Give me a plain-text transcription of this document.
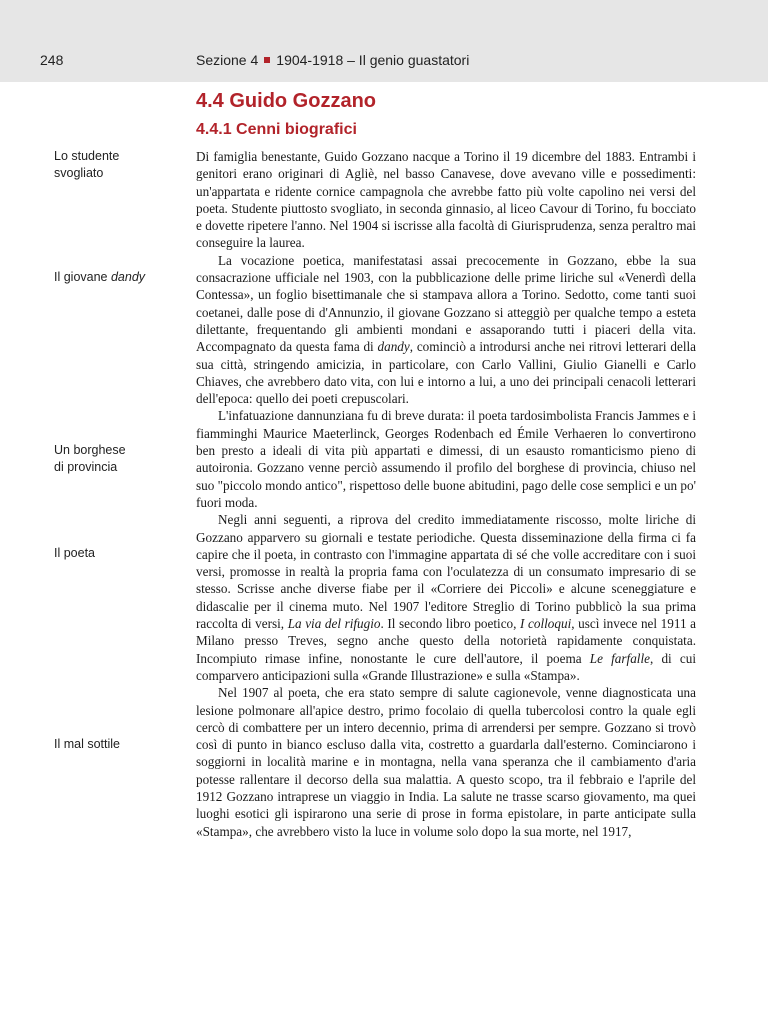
248	Sezione 4 1904-1918 – Il genio guastatori
4.4 Guido Gozzano
4.4.1 Cenni biografici
Lo studente
svogliato
Il giovane dandy
Un borghese
di provincia
Il poeta
Il mal sottile

Di famiglia benestante, Guido Gozzano nacque a Torino il 19 dicembre del 1883. Entrambi i genitori erano originari di Agliè, nel basso Canavese, dove avevano ville e possedimenti: un'appartata e ridente cornice campagnola che avrebbe fatto più volte capolino nei versi del poeta. Studente piuttosto svogliato, in seconda ginnasio, al liceo Cavour di Torino, fu bocciato e dovette ripetere l'anno. Nel 1904 si iscrisse alla facoltà di Giurisprudenza, senza peraltro mai conseguire la laurea.

La vocazione poetica, manifestatasi assai precocemente in Gozzano, ebbe la sua consacrazione ufficiale nel 1903, con la pubblicazione delle prime liriche sul «Venerdì della Contessa», un foglio bisettimanale che si stampava allora a Torino. Sedotto, come tanti suoi coetanei, dalle pose di d'Annunzio, il giovane Gozzano si atteggiò per qualche tempo a esteta dilettante, frequentando gli ambienti mondani e assaporando tutti i piaceri della vita. Accompagnato da questa fama di dandy, cominciò a introdursi anche nei ritrovi letterari della sua città, stringendo amicizia, in particolare, con Carlo Vallini, Giulio Gianelli e Carlo Chiaves, che avrebbero dato vita, con lui e intorno a lui, a uno dei principali cenacoli letterari dell'epoca: quello dei poeti crepuscolari.

L'infatuazione dannunziana fu di breve durata: il poeta tardosimbolista Francis Jammes e i fiamminghi Maurice Maeterlinck, Georges Rodenbach ed Émile Verhaeren lo convertirono ben presto a ideali di vita più appartati e dimessi, di un esausto romanticismo pieno di autoironia. Gozzano venne perciò assumendo il profilo del borghese di provincia, chiuso nel suo "piccolo mondo antico", rispettoso delle buone abitudini, pago delle cose semplici e un po' fuori moda.

Negli anni seguenti, a riprova del credito immediatamente riscosso, molte liriche di Gozzano apparvero su giornali e testate periodiche. Questa disseminazione della firma ci fa capire che il poeta, in contrasto con l'immagine appartata di sé che volle accreditare con i suoi versi, promosse in realtà la propria fama con l'oculatezza di un consumato impresario di se stesso. Scrisse anche diverse fiabe per il «Corriere dei Piccoli» e alcune sceneggiature e didascalie per il cinema muto. Nel 1907 l'editore Streglio di Torino pubblicò la sua prima raccolta di versi, La via del rifugio. Il secondo libro poetico, I colloqui, uscì invece nel 1911 a Milano presso Treves, segno anche questo della notorietà rapidamente conquistata. Incompiuto rimase infine, nonostante le cure dell'autore, il poema Le farfalle, di cui comparvero anticipazioni sulla «Grande Illustrazione» e sulla «Stampa».

Nel 1907 al poeta, che era stato sempre di salute cagionevole, venne diagnosticata una lesione polmonare all'apice destro, primo focolaio di quella tubercolosi contro la quale egli cercò di combattere per un intero decennio, prima di arrendersi per sempre. Gozzano si trovò così di punto in bianco escluso dalla vita, costretto a guardarla dall'esterno. Cominciarono i soggiorni in località marine e in montagna, nella vana speranza che il cambiamento d'aria potesse rallentare il decorso della sua malattia. A questo scopo, tra il febbraio e l'aprile del 1912 Gozzano intraprese un viaggio in India. La salute ne trasse scarso giovamento, ma quei luoghi esotici gli ispirarono una serie di prose in forma epistolare, in parte anticipate sulla «Stampa», che avrebbero visto la luce in volume solo dopo la sua morte, nel 1917,
